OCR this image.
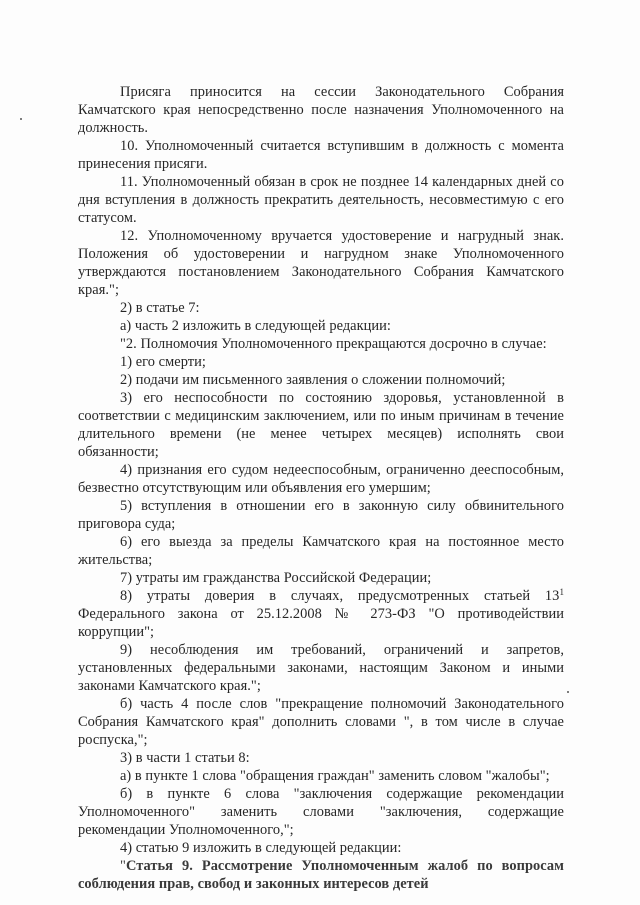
Присяга приносится на сессии Законодательного Собрания Камчатского края непосредственно после назначения Уполномоченного на должность.

10. Уполномоченный считается вступившим в должность с момента принесения присяги.

11. Уполномоченный обязан в срок не позднее 14 календарных дней со дня вступления в должность прекратить деятельность, несовместимую с его статусом.

12. Уполномоченному вручается удостоверение и нагрудный знак. Положения об удостоверении и нагрудном знаке Уполномоченного утверждаются постановлением Законодательного Собрания Камчатского края.";

2) в статье 7:

а) часть 2 изложить в следующей редакции:

"2. Полномочия Уполномоченного прекращаются досрочно в случае:

1) его смерти;

2) подачи им письменного заявления о сложении полномочий;

3) его неспособности по состоянию здоровья, установленной в соответствии с медицинским заключением, или по иным причинам в течение длительного времени (не менее четырех месяцев) исполнять свои обязанности;

4) признания его судом недееспособным, ограниченно дееспособным, безвестно отсутствующим или объявления его умершим;

5) вступления в отношении его в законную силу обвинительного приговора суда;

6) его выезда за пределы Камчатского края на постоянное место жительства;

7) утраты им гражданства Российской Федерации;

8) утраты доверия в случаях, предусмотренных статьей $13^1$ Федерального закона от 25.12.2008 № 273-ФЗ "О противодействии коррупции";

9) несоблюдения им требований, ограничений и запретов, установленных федеральными законами, настоящим Законом и иными законами Камчатского края.";

б) часть 4 после слов "прекращение полномочий Законодательного Собрания Камчатского края" дополнить словами ", в том числе в случае роспуска,";

3) в части 1 статьи 8:

а) в пункте 1 слова "обращения граждан" заменить словом "жалобы";

б) в пункте 6 слова "заключения содержащие рекомендации Уполномоченного" заменить словами "заключения, содержащие рекомендации Уполномоченного,";

4) статью 9 изложить в следующей редакции:

"Статья 9. Рассмотрение Уполномоченным жалоб по вопросам соблюдения прав, свобод и законных интересов детей
